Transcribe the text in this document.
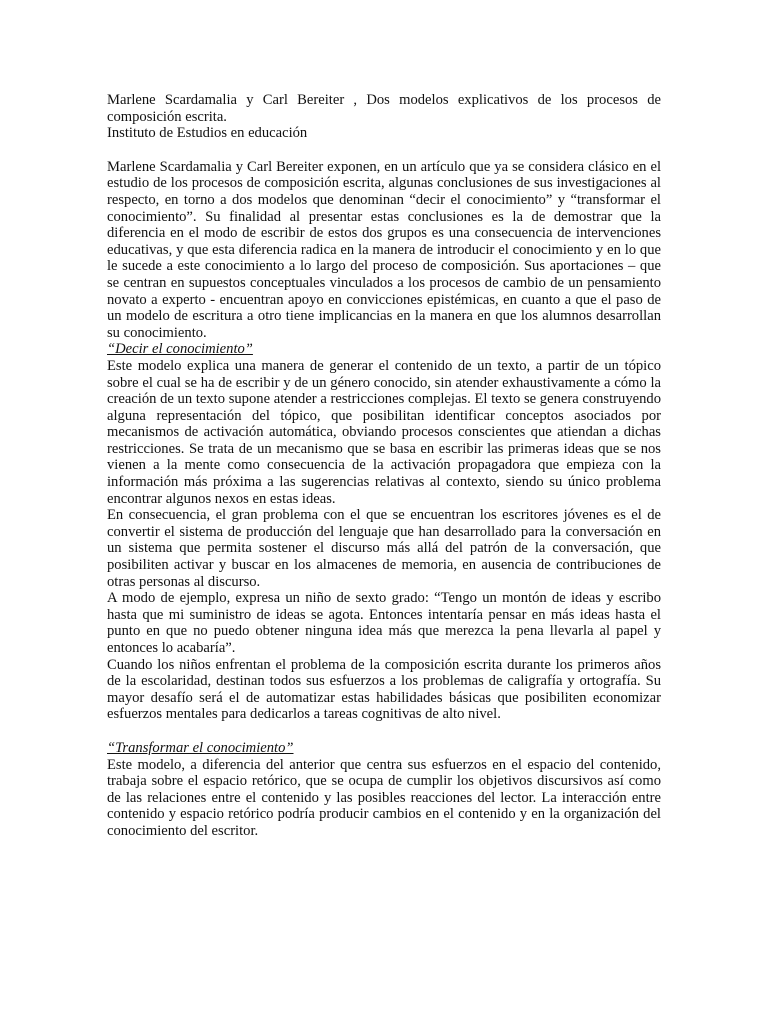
Marlene Scardamalia y Carl Bereiter , Dos modelos explicativos de los procesos de composición escrita.

Instituto de Estudios en educación

Marlene Scardamalia y Carl Bereiter exponen, en un artículo que ya se considera clásico en el estudio de los procesos de composición escrita, algunas conclusiones de sus investigaciones al respecto, en torno a dos modelos que denominan “decir el conocimiento” y “transformar el conocimiento”. Su finalidad al presentar estas conclusiones es la de demostrar que la diferencia en el modo de escribir de estos dos grupos es una consecuencia de intervenciones educativas, y que esta diferencia radica en la manera de introducir el conocimiento y en lo que le sucede a este conocimiento a lo largo del proceso de composición. Sus aportaciones – que se centran en supuestos conceptuales vinculados a los procesos de cambio de un pensamiento novato a experto - encuentran apoyo en convicciones epistémicas, en cuanto a que el paso de un modelo de escritura a otro tiene implicancias en la manera en que los alumnos desarrollan su conocimiento.

“Decir el conocimiento”

Este modelo explica una manera de generar el contenido de un texto, a partir de un tópico sobre el cual se ha de escribir y de un género conocido, sin atender exhaustivamente a cómo la creación de un texto supone atender a restricciones complejas. El texto se genera construyendo alguna representación del tópico, que posibilitan identificar conceptos asociados por mecanismos de activación automática, obviando procesos conscientes que atiendan a dichas restricciones. Se trata de un mecanismo que se basa en escribir las primeras ideas que se nos vienen a la mente como consecuencia de la activación propagadora que empieza con la información más próxima a las sugerencias relativas al contexto, siendo su único problema encontrar algunos nexos en estas ideas.

En consecuencia, el gran problema con el que se encuentran los escritores jóvenes es el de convertir el sistema de producción del lenguaje que han desarrollado para la conversación en un sistema que permita sostener el discurso más allá del patrón de la conversación, que posibiliten activar y buscar en los almacenes de memoria, en ausencia de contribuciones de otras personas al discurso.

A modo de ejemplo, expresa un niño de sexto grado: “Tengo un montón de ideas y escribo hasta que mi suministro de ideas se agota. Entonces intentaría pensar en más ideas hasta el punto en que no puedo obtener ninguna idea más que merezca la pena llevarla al papel y entonces lo acabaría”.

Cuando los niños enfrentan el problema de la composición escrita durante los primeros años de la escolaridad, destinan todos sus esfuerzos a los problemas de caligrafía y ortografía. Su mayor desafío será el de automatizar estas habilidades básicas que posibiliten economizar esfuerzos mentales para dedicarlos a tareas cognitivas de alto nivel.

“Transformar el conocimiento”

Este modelo, a diferencia del anterior que centra sus esfuerzos en el espacio del contenido, trabaja sobre el espacio retórico, que se ocupa de cumplir los objetivos discursivos así como de las relaciones entre el contenido y las posibles reacciones del lector. La interacción entre contenido y espacio retórico podría producir cambios en el contenido y en la organización del conocimiento del escritor.
